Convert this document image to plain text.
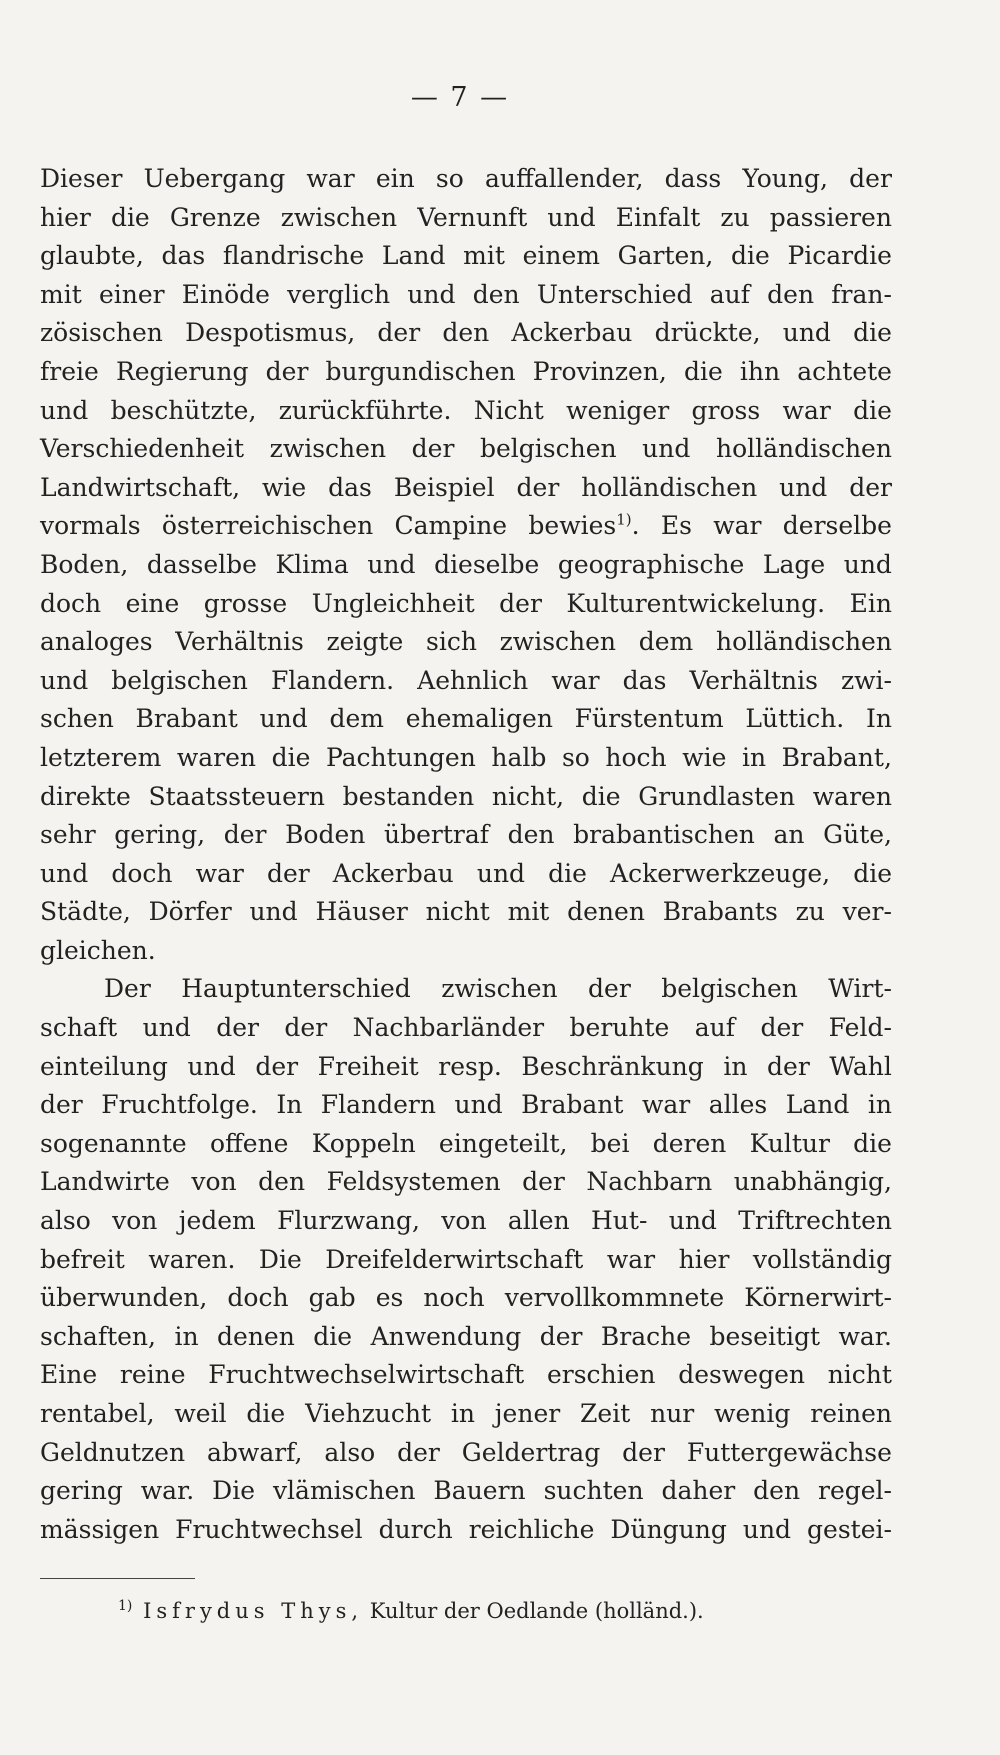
— 7 —
Dieser Uebergang war ein so auffallender, dass Young, der
hier die Grenze zwischen Vernunft und Einfalt zu passieren
glaubte, das flandrische Land mit einem Garten, die Picardie
mit einer Einöde verglich und den Unterschied auf den fran-
zösischen Despotismus, der den Ackerbau drückte, und die
freie Regierung der burgundischen Provinzen, die ihn achtete
und beschützte, zurückführte. Nicht weniger gross war die
Verschiedenheit zwischen der belgischen und holländischen
Landwirtschaft, wie das Beispiel der holländischen und der
vormals österreichischen Campine bewies$^{1)}$. Es war derselbe
Boden, dasselbe Klima und dieselbe geographische Lage und
doch eine grosse Ungleichheit der Kulturentwickelung. Ein
analoges Verhältnis zeigte sich zwischen dem holländischen
und belgischen Flandern. Aehnlich war das Verhältnis zwi-
schen Brabant und dem ehemaligen Fürstentum Lüttich. In
letzterem waren die Pachtungen halb so hoch wie in Brabant,
direkte Staatssteuern bestanden nicht, die Grundlasten waren
sehr gering, der Boden übertraf den brabantischen an Güte,
und doch war der Ackerbau und die Ackerwerkzeuge, die
Städte, Dörfer und Häuser nicht mit denen Brabants zu ver-
gleichen.
Der Hauptunterschied zwischen der belgischen Wirt-
schaft und der der Nachbarländer beruhte auf der Feld-
einteilung und der Freiheit resp. Beschränkung in der Wahl
der Fruchtfolge. In Flandern und Brabant war alles Land in
sogenannte offene Koppeln eingeteilt, bei deren Kultur die
Landwirte von den Feldsystemen der Nachbarn unabhängig,
also von jedem Flurzwang, von allen Hut- und Triftrechten
befreit waren. Die Dreifelderwirtschaft war hier vollständig
überwunden, doch gab es noch vervollkommnete Körnerwirt-
schaften, in denen die Anwendung der Brache beseitigt war.
Eine reine Fruchtwechselwirtschaft erschien deswegen nicht
rentabel, weil die Viehzucht in jener Zeit nur wenig reinen
Geldnutzen abwarf, also der Geldertrag der Futtergewächse
gering war. Die vlämischen Bauern suchten daher den regel-
mässigen Fruchtwechsel durch reichliche Düngung und gestei-
$^{1)}$ Isfrydus Thys, Kultur der Oedlande (holländ.).
